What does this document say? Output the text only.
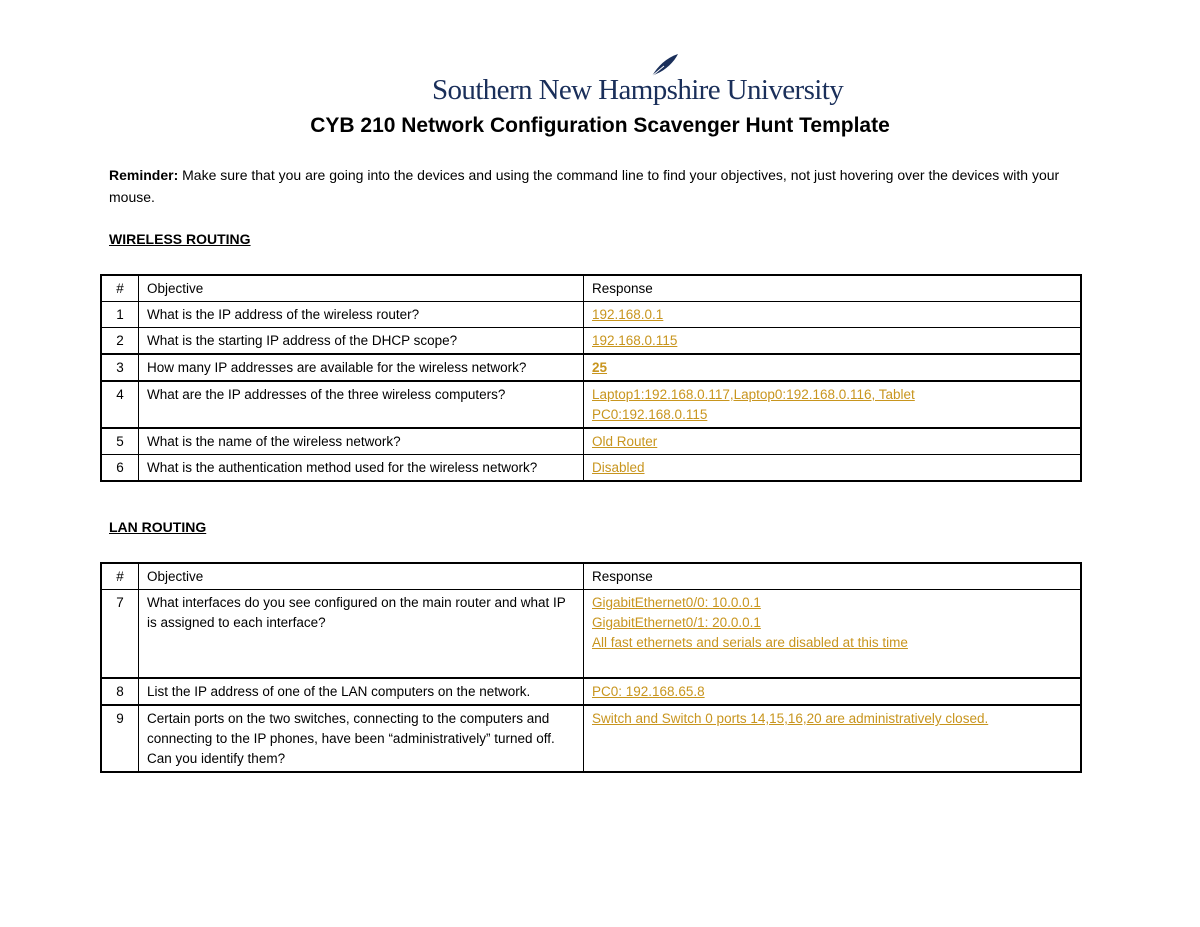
Southern New Hampshire University
CYB 210 Network Configuration Scavenger Hunt Template
Reminder: Make sure that you are going into the devices and using the command line to find your objectives, not just hovering over the devices with your mouse.
WIRELESS ROUTING
#	Objective	Response
1	What is the IP address of the wireless router?	192.168.0.1
2	What is the starting IP address of the DHCP scope?	192.168.0.115
3	How many IP addresses are available for the wireless network?	25
4	What are the IP addresses of the three wireless computers?	Laptop1:192.168.0.117,Laptop0:192.168.0.116, Tablet
PC0:192.168.0.115

5	What is the name of the wireless network?	Old Router
6	What is the authentication method used for the wireless network?	Disabled
LAN ROUTING
#	Objective	Response
7	What interfaces do you see configured on the main router and what IP is assigned to each interface?	GigabitEthernet0/0: 10.0.0.1
GigabitEthernet0/1: 20.0.0.1
All fast ethernets and serials are disabled at this time

8	List the IP address of one of the LAN computers on the network.	PC0: 192.168.65.8
9	Certain ports on the two switches, connecting to the computers and connecting to the IP phones, have been “administratively” turned off. Can you identify them?	Switch and Switch 0 ports 14,15,16,20 are administratively closed.
